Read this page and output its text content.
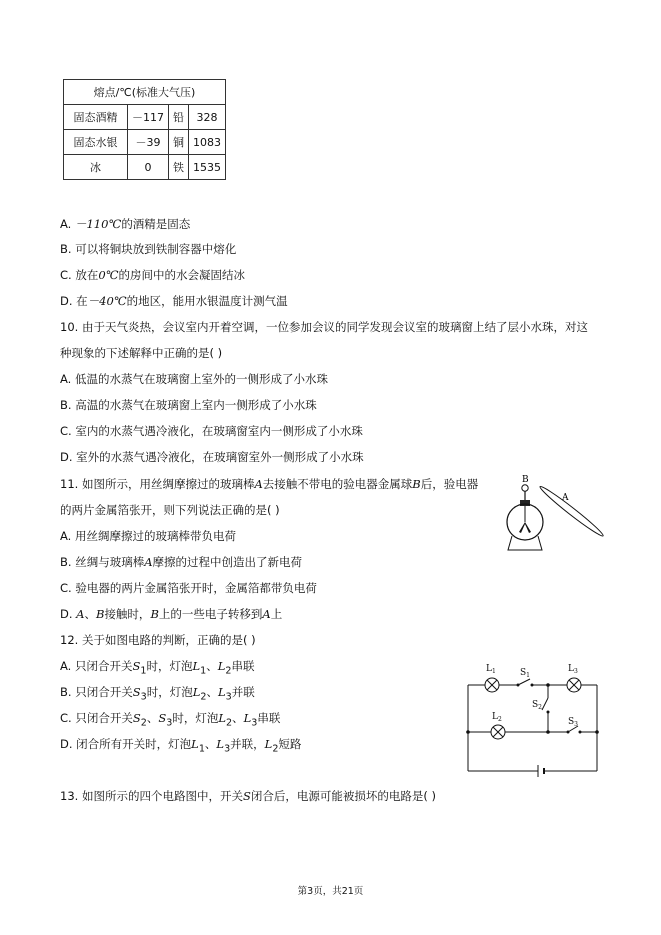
熔点/℃(标准大气压)			
固态酒精	－117	铅	328
固态水银	－39	铜	1083
冰	0	铁	1535
A. －110℃的酒精是固态
B. 可以将铜块放到铁制容器中熔化
C. 放在0℃的房间中的水会凝固结冰
D. 在－40℃的地区，能用水银温度计测气温
10. 由于天气炎热，会议室内开着空调，一位参加会议的同学发现会议室的玻璃窗上结了层小水珠，对这
种现象的下述解释中正确的是( )
A. 低温的水蒸气在玻璃窗上室外的一侧形成了小水珠
B. 高温的水蒸气在玻璃窗上室内一侧形成了小水珠
C. 室内的水蒸气遇冷液化，在玻璃窗室内一侧形成了小水珠
D. 室外的水蒸气遇冷液化，在玻璃窗室外一侧形成了小水珠
11. 如图所示，用丝绸摩擦过的玻璃棒A去接触不带电的验电器金属球B后，验电器
的两片金属箔张开，则下列说法正确的是( )
A. 用丝绸摩擦过的玻璃棒带负电荷
B. 丝绸与玻璃棒A摩擦的过程中创造出了新电荷
C. 验电器的两片金属箔张开时，金属箔都带负电荷
D. A、B接触时，B上的一些电子转移到A上
B
A
12. 关于如图电路的判断，正确的是( )
A. 只闭合开关$S_1$时，灯泡$L_1$、$L_2$串联
B. 只闭合开关$S_3$时，灯泡$L_2$、$L_3$并联
C. 只闭合开关$S_2$、$S_3$时，灯泡$L_2$、$L_3$串联
D. 闭合所有开关时，灯泡$L_1$、$L_3$并联，$L_2$短路
$L_1$	$S_1$
$L_3$
$S_2$
$L_2$	$S_3$
13. 如图所示的四个电路图中，开关S闭合后，电源可能被损坏的电路是( )
第3页，共21页
